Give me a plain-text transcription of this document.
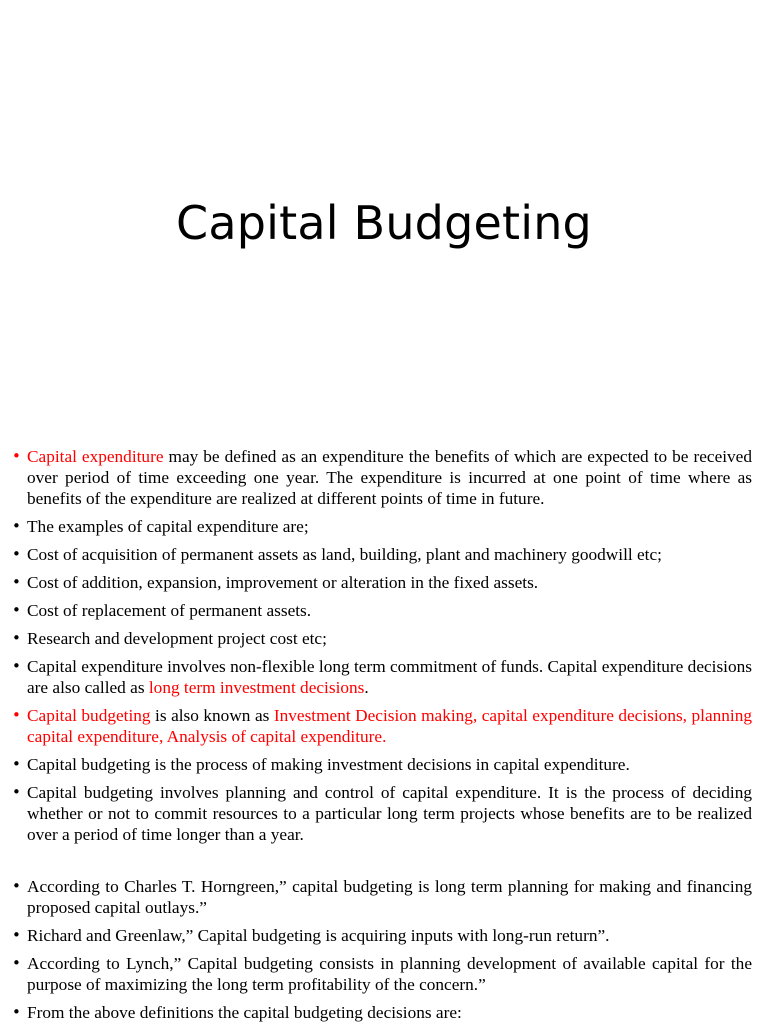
Capital Budgeting
• Capital expenditure may be defined as an expenditure the benefits of which are expected to be received over period of time exceeding one year. The expenditure is incurred at one point of time where as benefits of the expenditure are realized at different points of time in future.
• The examples of capital expenditure are;
• Cost of acquisition of permanent assets as land, building, plant and machinery goodwill etc;
• Cost of addition, expansion, improvement or alteration in the fixed assets.
• Cost of replacement of permanent assets.
• Research and development project cost etc;
• Capital expenditure involves non-flexible long term commitment of funds. Capital expenditure decisions are also called as long term investment decisions.
• Capital budgeting is also known as Investment Decision making, capital expenditure decisions, planning capital expenditure, Analysis of capital expenditure.
• Capital budgeting is the process of making investment decisions in capital expenditure.
• Capital budgeting involves planning and control of capital expenditure. It is the process of deciding whether or not to commit resources to a particular long term projects whose benefits are to be realized over a period of time longer than a year.
• According to Charles T. Horngreen,” capital budgeting is long term planning for making and financing proposed capital outlays.”
• Richard and Greenlaw,” Capital budgeting is acquiring inputs with long-run return”.
• According to Lynch,” Capital budgeting consists in planning development of available capital for the purpose of maximizing the long term profitability of the concern.”
• From the above definitions the capital budgeting decisions are:
